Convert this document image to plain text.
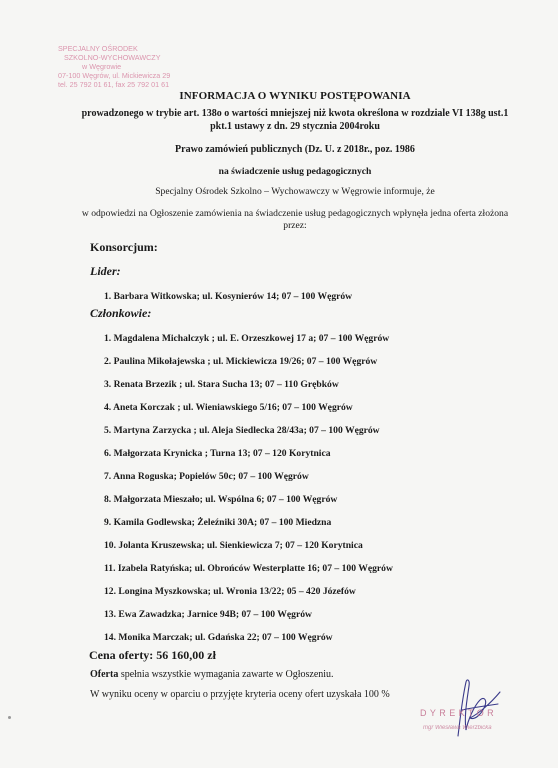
SPECJALNY OŚRODEK
SZKOLNO-WYCHOWAWCZY
w Węgrowie
07-100 Węgrów, ul. Mickiewicza 29
tel. 25 792 01 61, fax 25 792 01 61
INFORMACJA O WYNIKU POSTĘPOWANIA
prowadzonego w trybie art. 138o o wartości mniejszej niż kwota określona w rozdziale VI 138g ust.1 pkt.1 ustawy z dn. 29 stycznia 2004roku
Prawo zamówień publicznych (Dz. U. z 2018r., poz. 1986
na świadczenie usług pedagogicznych
Specjalny Ośrodek Szkolno – Wychowawczy w Węgrowie informuje, że
w odpowiedzi na Ogłoszenie zamówienia na świadczenie usług pedagogicznych wpłynęła jedna oferta złożona przez:
Konsorcjum:
Lider:
1. Barbara Witkowska; ul. Kosynierów 14; 07 – 100 Węgrów
Członkowie:
1. Magdalena Michalczyk ; ul. E. Orzeszkowej 17 a; 07 – 100 Węgrów
2. Paulina Mikołajewska ; ul. Mickiewicza 19/26; 07 – 100 Węgrów
3. Renata Brzezik ; ul. Stara Sucha 13; 07 – 110 Grębków
4. Aneta Korczak ; ul. Wieniawskiego 5/16; 07 – 100 Węgrów
5. Martyna Zarzycka ; ul. Aleja Siedlecka 28/43a; 07 – 100 Węgrów
6. Małgorzata Krynicka ; Turna 13; 07 – 120 Korytnica
7. Anna Roguska; Popielów 50c; 07 – 100 Węgrów
8. Małgorzata Mieszało; ul. Wspólna 6; 07 – 100 Węgrów
9. Kamila Godlewska; Żeleźniki 30A; 07 – 100 Miedzna
10. Jolanta Kruszewska; ul. Sienkiewicza 7; 07 – 120 Korytnica
11. Izabela Ratyńska; ul. Obrońców Westerplatte 16; 07 – 100 Węgrów
12. Longina Myszkowska; ul. Wronia 13/22; 05 – 420 Józefów
13. Ewa Zawadzka; Jarnice 94B; 07 – 100 Węgrów
14. Monika Marczak; ul. Gdańska 22; 07 – 100 Węgrów
Cena oferty: 56 160,00 zł
Oferta spełnia wszystkie wymagania zawarte w Ogłoszeniu.
W wyniku oceny w oparciu o przyjęte kryteria oceny ofert uzyskała 100 %
DYREKTOR
mgr Wiesława Wierzbicka
